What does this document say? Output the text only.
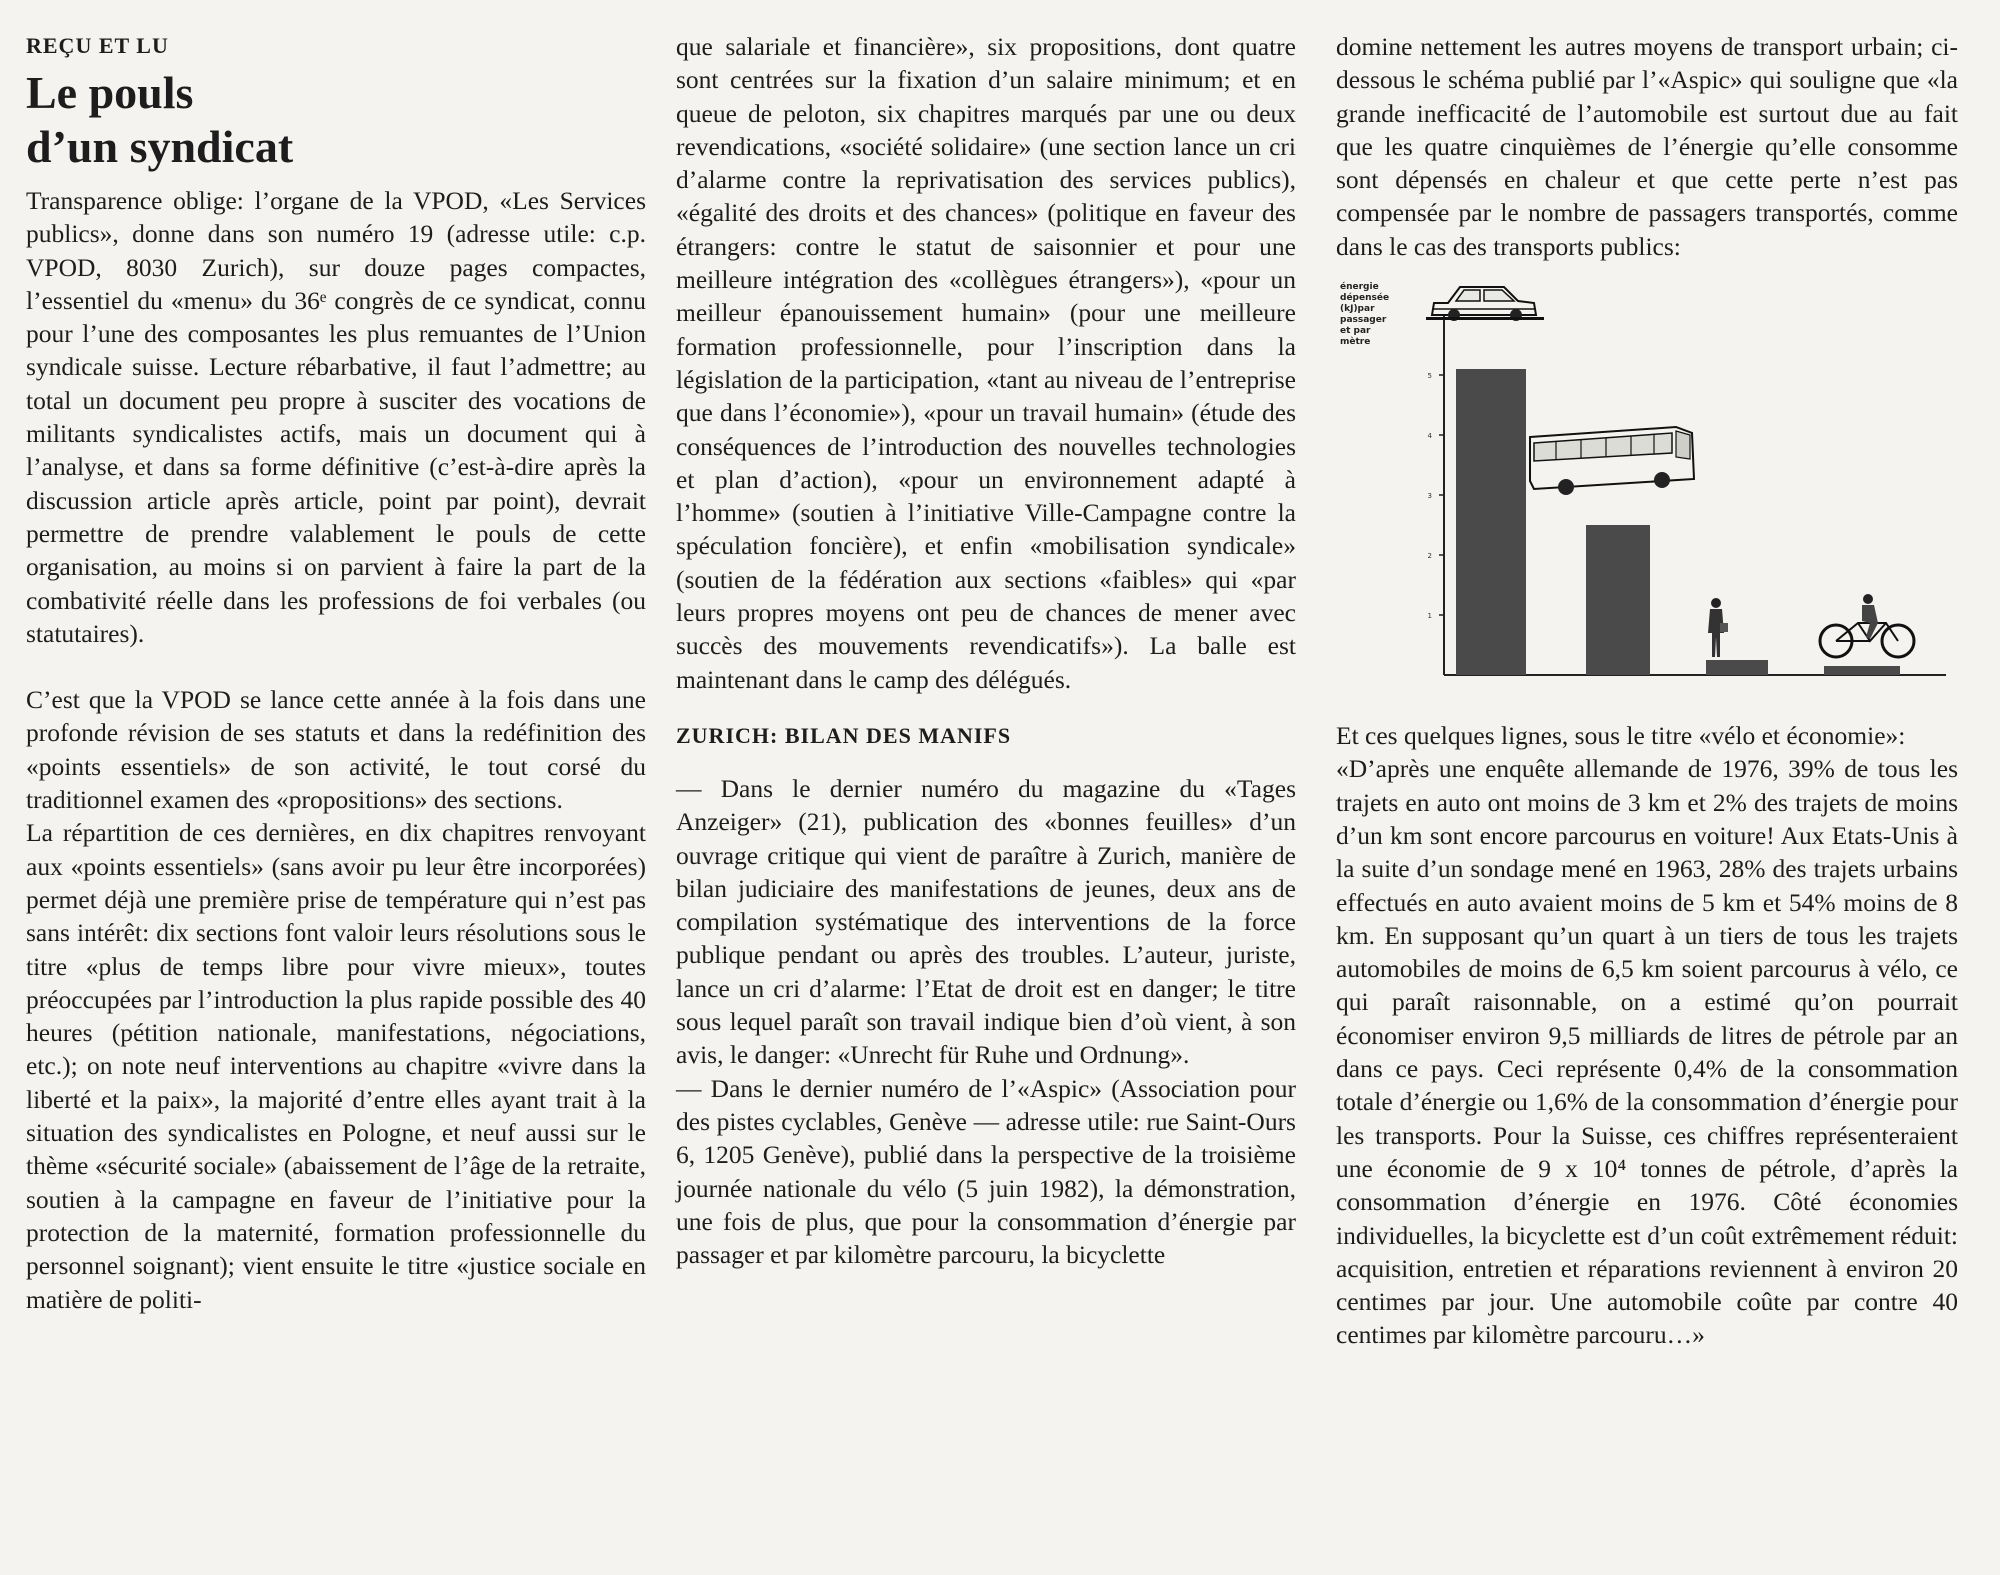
REÇU ET LU
Le pouls
d’un syndicat

Transparence oblige: l’organe de la VPOD, «Les Services publics», donne dans son numéro 19 (adresse utile: c.p. VPOD, 8030 Zurich), sur douze pages compactes, l’essentiel du «menu» du 36ᵉ congrès de ce syndicat, connu pour l’une des composantes les plus remuantes de l’Union syndicale suisse. Lecture rébarbative, il faut l’admettre; au total un document peu propre à susciter des vocations de militants syndicalistes actifs, mais un document qui à l’analyse, et dans sa forme définitive (c’est-à-dire après la discussion article après article, point par point), devrait permettre de prendre valablement le pouls de cette organisation, au moins si on parvient à faire la part de la combativité réelle dans les professions de foi verbales (ou statutaires).

C’est que la VPOD se lance cette année à la fois dans une profonde révision de ses statuts et dans la redéfinition des «points essentiels» de son activité, le tout corsé du traditionnel examen des «propositions» des sections.

La répartition de ces dernières, en dix chapitres renvoyant aux «points essentiels» (sans avoir pu leur être incorporées) permet déjà une première prise de température qui n’est pas sans intérêt: dix sections font valoir leurs résolutions sous le titre «plus de temps libre pour vivre mieux», toutes préoccupées par l’introduction la plus rapide possible des 40 heures (pétition nationale, manifestations, négociations, etc.); on note neuf interventions au chapitre «vivre dans la liberté et la paix», la majorité d’entre elles ayant trait à la situation des syndicalistes en Pologne, et neuf aussi sur le thème «sécurité sociale» (abaissement de l’âge de la retraite, soutien à la campagne en faveur de l’initiative pour la protection de la maternité, formation professionnelle du personnel soignant); vient ensuite le titre «justice sociale en matière de politi-

que salariale et financière», six propositions, dont quatre sont centrées sur la fixation d’un salaire minimum; et en queue de peloton, six chapitres marqués par une ou deux revendications, «société solidaire» (une section lance un cri d’alarme contre la reprivatisation des services publics), «égalité des droits et des chances» (politique en faveur des étrangers: contre le statut de saisonnier et pour une meilleure intégration des «collègues étrangers»), «pour un meilleur épanouissement humain» (pour une meilleure formation professionnelle, pour l’inscription dans la législation de la participation, «tant au niveau de l’entreprise que dans l’économie»), «pour un travail humain» (étude des conséquences de l’introduction des nouvelles technologies et plan d’action), «pour un environnement adapté à l’homme» (soutien à l’initiative Ville-Campagne contre la spéculation foncière), et enfin «mobilisation syndicale» (soutien de la fédération aux sections «faibles» qui «par leurs propres moyens ont peu de chances de mener avec succès des mouvements revendicatifs»). La balle est maintenant dans le camp des délégués.

ZURICH: BILAN DES MANIFS

— Dans le dernier numéro du magazine du «Tages Anzeiger» (21), publication des «bonnes feuilles» d’un ouvrage critique qui vient de paraître à Zurich, manière de bilan judiciaire des manifestations de jeunes, deux ans de compilation systématique des interventions de la force publique pendant ou après des troubles. L’auteur, juriste, lance un cri d’alarme: l’Etat de droit est en danger; le titre sous lequel paraît son travail indique bien d’où vient, à son avis, le danger: «Unrecht für Ruhe und Ordnung».

— Dans le dernier numéro de l’«Aspic» (Association pour des pistes cyclables, Genève — adresse utile: rue Saint-Ours 6, 1205 Genève), publié dans la perspective de la troisième journée nationale du vélo (5 juin 1982), la démonstration, une fois de plus, que pour la consommation d’énergie par passager et par kilomètre parcouru, la bicyclette

domine nettement les autres moyens de transport urbain; ci-dessous le schéma publié par l’«Aspic» qui souligne que «la grande inefficacité de l’automobile est surtout due au fait que les quatre cinquièmes de l’énergie qu’elle consomme sont dépensés en chaleur et que cette perte n’est pas compensée par le nombre de passagers transportés, comme dans le cas des transports publics:

énergie
dépensée
(kJ)par
passager
et par
mètre
1
2
3
4
5

Et ces quelques lignes, sous le titre «vélo et économie»:

«D’après une enquête allemande de 1976, 39% de tous les trajets en auto ont moins de 3 km et 2% des trajets de moins d’un km sont encore parcourus en voiture! Aux Etats-Unis à la suite d’un sondage mené en 1963, 28% des trajets urbains effectués en auto avaient moins de 5 km et 54% moins de 8 km. En supposant qu’un quart à un tiers de tous les trajets automobiles de moins de 6,5 km soient parcourus à vélo, ce qui paraît raisonnable, on a estimé qu’on pourrait économiser environ 9,5 milliards de litres de pétrole par an dans ce pays. Ceci représente 0,4% de la consommation totale d’énergie ou 1,6% de la consommation d’énergie pour les transports. Pour la Suisse, ces chiffres représenteraient une économie de 9 x 10⁴ tonnes de pétrole, d’après la consommation d’énergie en 1976. Côté économies individuelles, la bicyclette est d’un coût extrêmement réduit: acquisition, entretien et réparations reviennent à environ 20 centimes par jour. Une automobile coûte par contre 40 centimes par kilomètre parcouru…»
